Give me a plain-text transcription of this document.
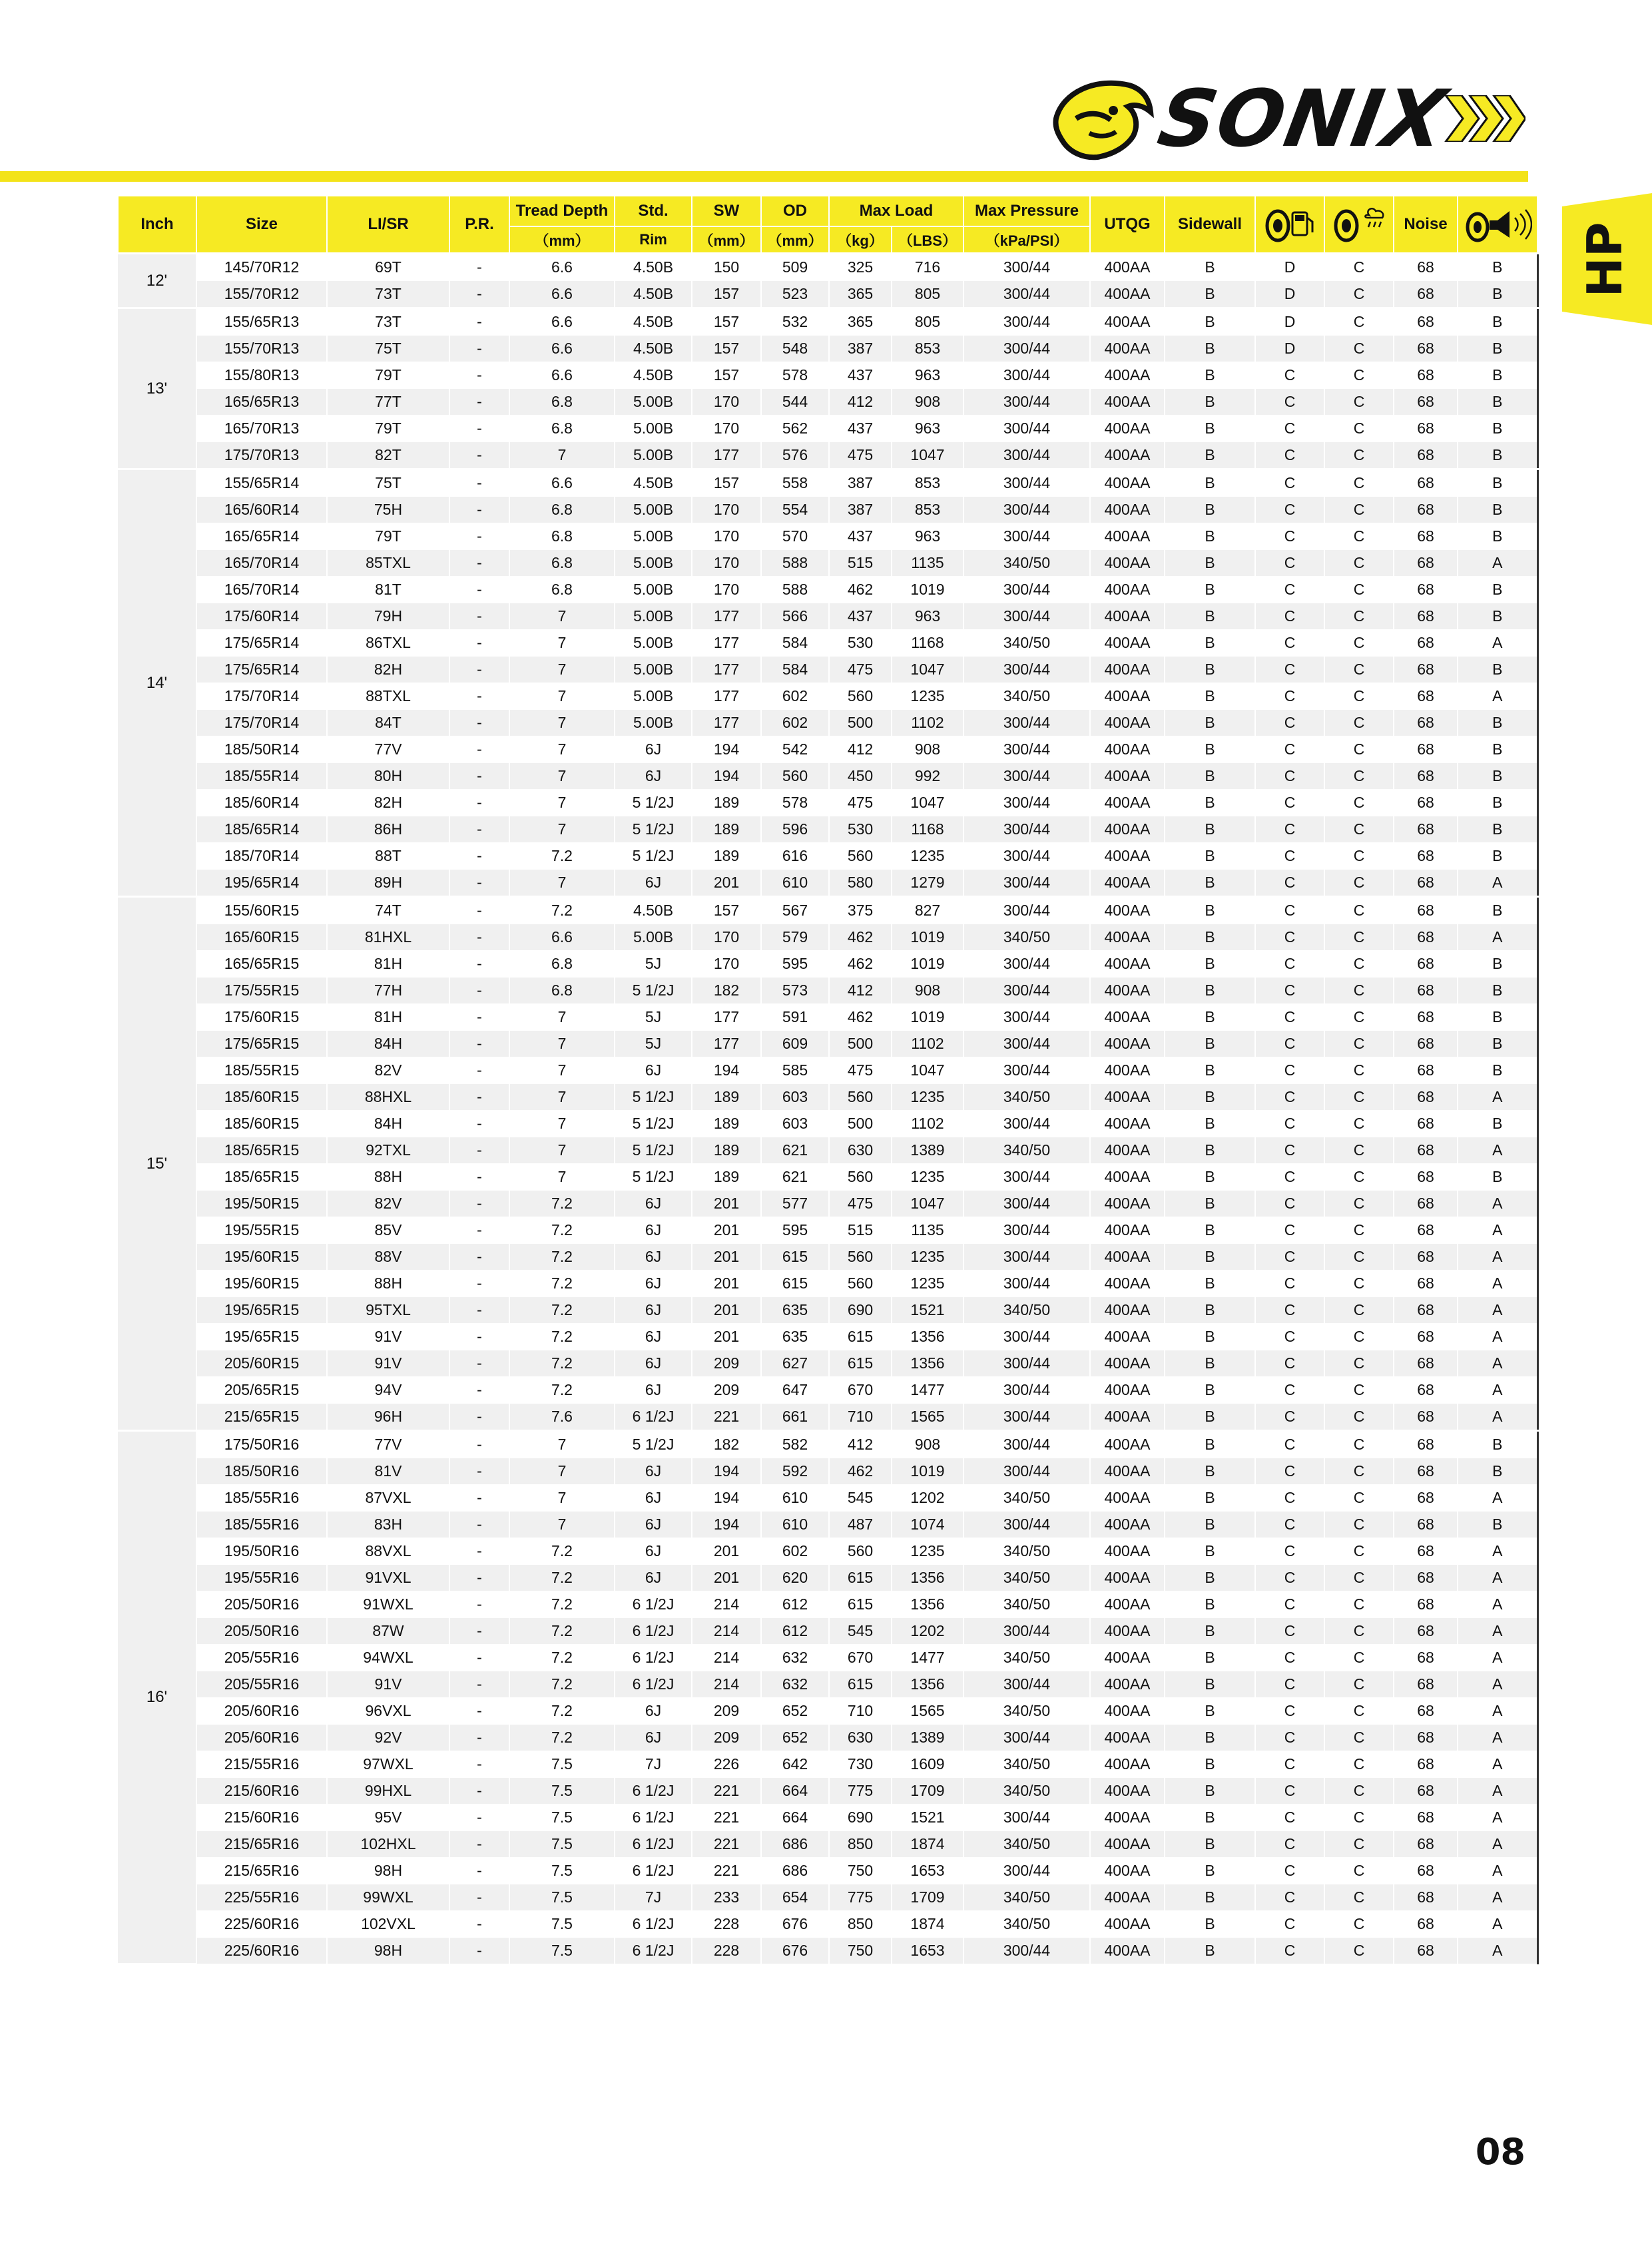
SONIX
HP
Inch	Size	LI/SR	P.R.	Tread Depth	Std.	SW	OD	Max Load		Max Pressure	UTQG	Sidewall			Noise	
				（mm）	Rim	（mm）	（mm）	（kg）	（LBS）	（kPa/PSI）						
12'	145/70R12	69T	-	6.6	4.50B	150	509	325	716	300/44	400AA	B	D	C	68	B
	155/70R12	73T	-	6.6	4.50B	157	523	365	805	300/44	400AA	B	D	C	68	B
13'	155/65R13	73T	-	6.6	4.50B	157	532	365	805	300/44	400AA	B	D	C	68	B
	155/70R13	75T	-	6.6	4.50B	157	548	387	853	300/44	400AA	B	D	C	68	B
	155/80R13	79T	-	6.6	4.50B	157	578	437	963	300/44	400AA	B	C	C	68	B
	165/65R13	77T	-	6.8	5.00B	170	544	412	908	300/44	400AA	B	C	C	68	B
	165/70R13	79T	-	6.8	5.00B	170	562	437	963	300/44	400AA	B	C	C	68	B
	175/70R13	82T	-	7	5.00B	177	576	475	1047	300/44	400AA	B	C	C	68	B
14'	155/65R14	75T	-	6.6	4.50B	157	558	387	853	300/44	400AA	B	C	C	68	B
	165/60R14	75H	-	6.8	5.00B	170	554	387	853	300/44	400AA	B	C	C	68	B
	165/65R14	79T	-	6.8	5.00B	170	570	437	963	300/44	400AA	B	C	C	68	B
	165/70R14	85TXL	-	6.8	5.00B	170	588	515	1135	340/50	400AA	B	C	C	68	A
	165/70R14	81T	-	6.8	5.00B	170	588	462	1019	300/44	400AA	B	C	C	68	B
	175/60R14	79H	-	7	5.00B	177	566	437	963	300/44	400AA	B	C	C	68	B
	175/65R14	86TXL	-	7	5.00B	177	584	530	1168	340/50	400AA	B	C	C	68	A
	175/65R14	82H	-	7	5.00B	177	584	475	1047	300/44	400AA	B	C	C	68	B
	175/70R14	88TXL	-	7	5.00B	177	602	560	1235	340/50	400AA	B	C	C	68	A
	175/70R14	84T	-	7	5.00B	177	602	500	1102	300/44	400AA	B	C	C	68	B
	185/50R14	77V	-	7	6J	194	542	412	908	300/44	400AA	B	C	C	68	B
	185/55R14	80H	-	7	6J	194	560	450	992	300/44	400AA	B	C	C	68	B
	185/60R14	82H	-	7	5 1/2J	189	578	475	1047	300/44	400AA	B	C	C	68	B
	185/65R14	86H	-	7	5 1/2J	189	596	530	1168	300/44	400AA	B	C	C	68	B
	185/70R14	88T	-	7.2	5 1/2J	189	616	560	1235	300/44	400AA	B	C	C	68	B
	195/65R14	89H	-	7	6J	201	610	580	1279	300/44	400AA	B	C	C	68	A
15'	155/60R15	74T	-	7.2	4.50B	157	567	375	827	300/44	400AA	B	C	C	68	B
	165/60R15	81HXL	-	6.6	5.00B	170	579	462	1019	340/50	400AA	B	C	C	68	A
	165/65R15	81H	-	6.8	5J	170	595	462	1019	300/44	400AA	B	C	C	68	B
	175/55R15	77H	-	6.8	5 1/2J	182	573	412	908	300/44	400AA	B	C	C	68	B
	175/60R15	81H	-	7	5J	177	591	462	1019	300/44	400AA	B	C	C	68	B
	175/65R15	84H	-	7	5J	177	609	500	1102	300/44	400AA	B	C	C	68	B
	185/55R15	82V	-	7	6J	194	585	475	1047	300/44	400AA	B	C	C	68	B
	185/60R15	88HXL	-	7	5 1/2J	189	603	560	1235	340/50	400AA	B	C	C	68	A
	185/60R15	84H	-	7	5 1/2J	189	603	500	1102	300/44	400AA	B	C	C	68	B
	185/65R15	92TXL	-	7	5 1/2J	189	621	630	1389	340/50	400AA	B	C	C	68	A
	185/65R15	88H	-	7	5 1/2J	189	621	560	1235	300/44	400AA	B	C	C	68	B
	195/50R15	82V	-	7.2	6J	201	577	475	1047	300/44	400AA	B	C	C	68	A
	195/55R15	85V	-	7.2	6J	201	595	515	1135	300/44	400AA	B	C	C	68	A
	195/60R15	88V	-	7.2	6J	201	615	560	1235	300/44	400AA	B	C	C	68	A
	195/60R15	88H	-	7.2	6J	201	615	560	1235	300/44	400AA	B	C	C	68	A
	195/65R15	95TXL	-	7.2	6J	201	635	690	1521	340/50	400AA	B	C	C	68	A
	195/65R15	91V	-	7.2	6J	201	635	615	1356	300/44	400AA	B	C	C	68	A
	205/60R15	91V	-	7.2	6J	209	627	615	1356	300/44	400AA	B	C	C	68	A
	205/65R15	94V	-	7.2	6J	209	647	670	1477	300/44	400AA	B	C	C	68	A
	215/65R15	96H	-	7.6	6 1/2J	221	661	710	1565	300/44	400AA	B	C	C	68	A
16'	175/50R16	77V	-	7	5 1/2J	182	582	412	908	300/44	400AA	B	C	C	68	B
	185/50R16	81V	-	7	6J	194	592	462	1019	300/44	400AA	B	C	C	68	B
	185/55R16	87VXL	-	7	6J	194	610	545	1202	340/50	400AA	B	C	C	68	A
	185/55R16	83H	-	7	6J	194	610	487	1074	300/44	400AA	B	C	C	68	B
	195/50R16	88VXL	-	7.2	6J	201	602	560	1235	340/50	400AA	B	C	C	68	A
	195/55R16	91VXL	-	7.2	6J	201	620	615	1356	340/50	400AA	B	C	C	68	A
	205/50R16	91WXL	-	7.2	6 1/2J	214	612	615	1356	340/50	400AA	B	C	C	68	A
	205/50R16	87W	-	7.2	6 1/2J	214	612	545	1202	300/44	400AA	B	C	C	68	A
	205/55R16	94WXL	-	7.2	6 1/2J	214	632	670	1477	340/50	400AA	B	C	C	68	A
	205/55R16	91V	-	7.2	6 1/2J	214	632	615	1356	300/44	400AA	B	C	C	68	A
	205/60R16	96VXL	-	7.2	6J	209	652	710	1565	340/50	400AA	B	C	C	68	A
	205/60R16	92V	-	7.2	6J	209	652	630	1389	300/44	400AA	B	C	C	68	A
	215/55R16	97WXL	-	7.5	7J	226	642	730	1609	340/50	400AA	B	C	C	68	A
	215/60R16	99HXL	-	7.5	6 1/2J	221	664	775	1709	340/50	400AA	B	C	C	68	A
	215/60R16	95V	-	7.5	6 1/2J	221	664	690	1521	300/44	400AA	B	C	C	68	A
	215/65R16	102HXL	-	7.5	6 1/2J	221	686	850	1874	340/50	400AA	B	C	C	68	A
	215/65R16	98H	-	7.5	6 1/2J	221	686	750	1653	300/44	400AA	B	C	C	68	A
	225/55R16	99WXL	-	7.5	7J	233	654	775	1709	340/50	400AA	B	C	C	68	A
	225/60R16	102VXL	-	7.5	6 1/2J	228	676	850	1874	340/50	400AA	B	C	C	68	A
	225/60R16	98H	-	7.5	6 1/2J	228	676	750	1653	300/44	400AA	B	C	C	68	A
08
